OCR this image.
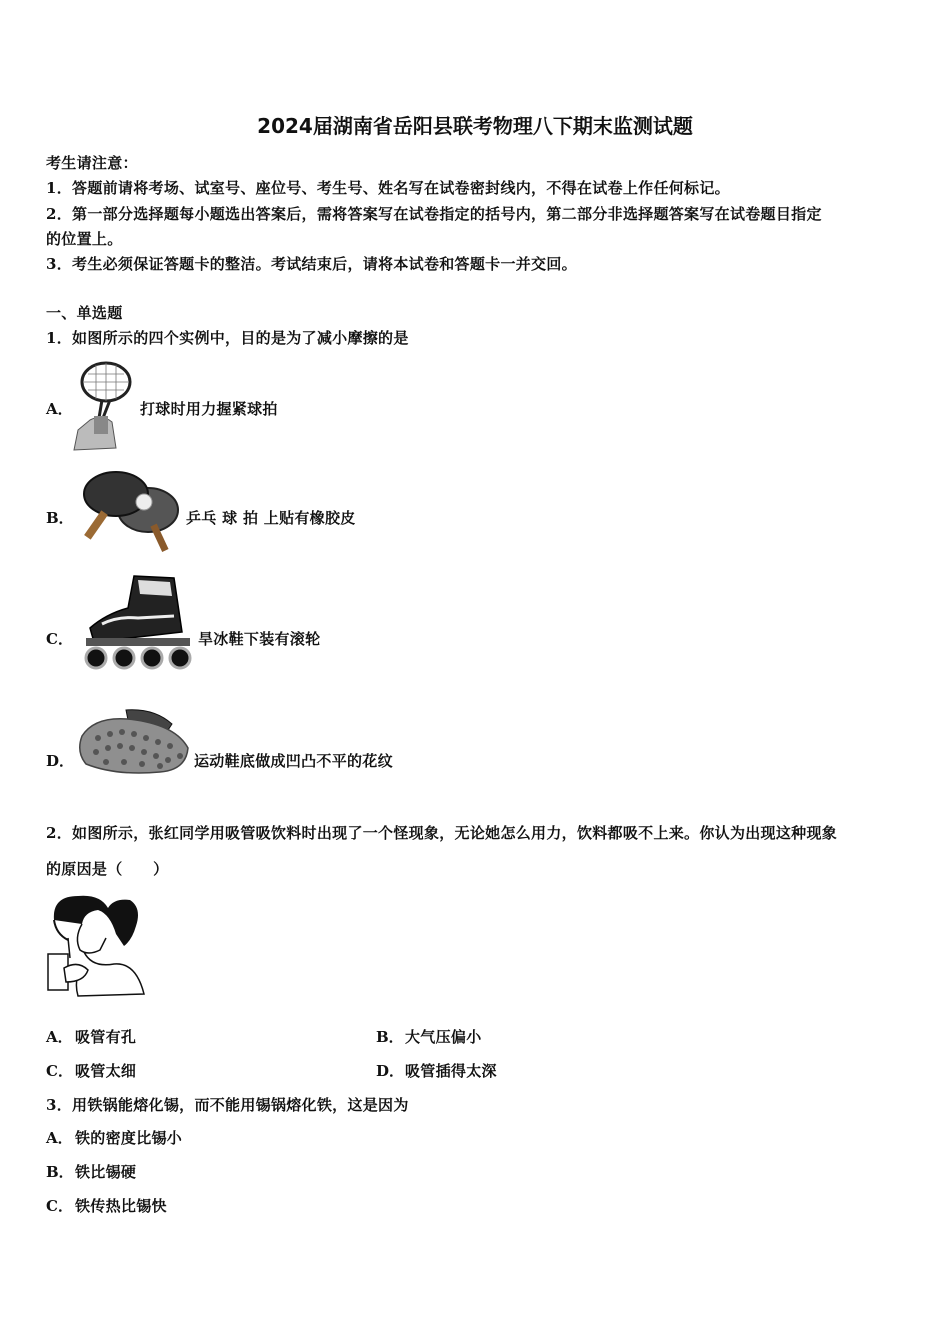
2024届湖南省岳阳县联考物理八下期末监测试题
考生请注意：
1．答题前请将考场、试室号、座位号、考生号、姓名写在试卷密封线内，不得在试卷上作任何标记。
2．第一部分选择题每小题选出答案后，需将答案写在试卷指定的括号内，第二部分非选择题答案写在试卷题目指定
的位置上。
3．考生必须保证答题卡的整洁。考试结束后，请将本试卷和答题卡一并交回。
一、单选题
1．如图所示的四个实例中，目的是为了减小摩擦的是
A．	打球时用力握紧球拍
B．	乒乓 球 拍 上贴有橡胶皮
C．	旱冰鞋下装有滚轮
D．	运动鞋底做成凹凸不平的花纹
2．如图所示，张红同学用吸管吸饮料时出现了一个怪现象，无论她怎么用力，饮料都吸不上来。你认为出现这种现象
的原因是（　　）
A． 吸管有孔	B． 大气压偏小
C． 吸管太细	D． 吸管插得太深
3．用铁锅能熔化锡，而不能用锡锅熔化铁，这是因为
A． 铁的密度比锡小
B． 铁比锡硬
C． 铁传热比锡快
